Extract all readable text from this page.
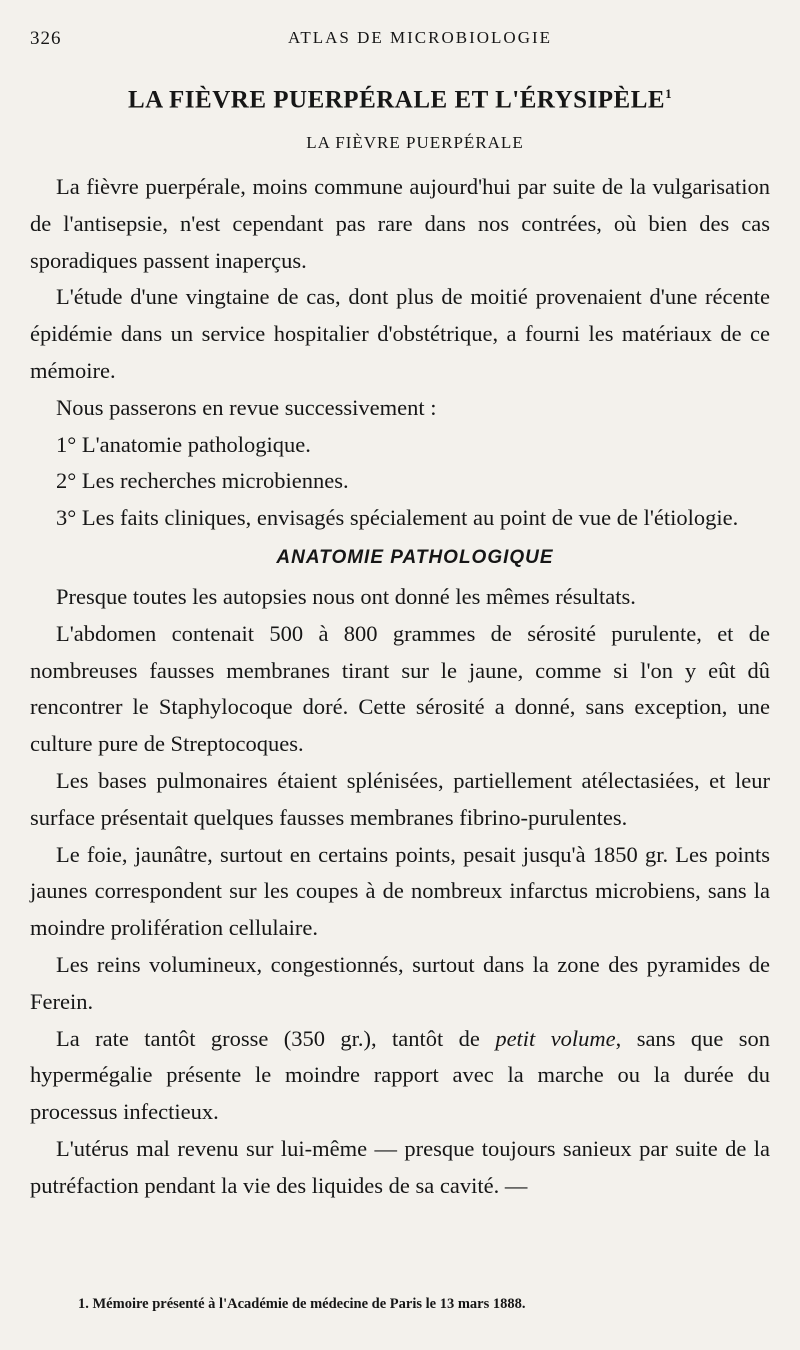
326	ATLAS DE MICROBIOLOGIE
LA FIÈVRE PUERPÉRALE ET L'ÉRYSIPÈLE$^1$
LA FIÈVRE PUERPÉRALE

La fièvre puerpérale, moins commune aujourd'hui par suite de la vulgarisation de l'antisepsie, n'est cependant pas rare dans nos contrées, où bien des cas sporadiques passent inaperçus.

L'étude d'une vingtaine de cas, dont plus de moitié provenaient d'une récente épidémie dans un service hospitalier d'obstétrique, a fourni les matériaux de ce mémoire.

Nous passerons en revue successivement :

1° L'anatomie pathologique.

2° Les recherches microbiennes.

3° Les faits cliniques, envisagés spécialement au point de vue de l'étiologie.

ANATOMIE PATHOLOGIQUE

Presque toutes les autopsies nous ont donné les mêmes résultats.

L'abdomen contenait 500 à 800 grammes de sérosité purulente, et de nombreuses fausses membranes tirant sur le jaune, comme si l'on y eût dû rencontrer le Staphylocoque doré. Cette sérosité a donné, sans exception, une culture pure de Streptocoques.

Les bases pulmonaires étaient splénisées, partiellement atélectasiées, et leur surface présentait quelques fausses membranes fibrino-purulentes.

Le foie, jaunâtre, surtout en certains points, pesait jusqu'à 1850 gr. Les points jaunes correspondent sur les coupes à de nombreux infarctus microbiens, sans la moindre prolifération cellulaire.

Les reins volumineux, congestionnés, surtout dans la zone des pyramides de Ferein.

La rate tantôt grosse (350 gr.), tantôt de petit volume, sans que son hypermégalie présente le moindre rapport avec la marche ou la durée du processus infectieux.

L'utérus mal revenu sur lui-même — presque toujours sanieux par suite de la putréfaction pendant la vie des liquides de sa cavité. —

1. Mémoire présenté à l'Académie de médecine de Paris le 13 mars 1888.
